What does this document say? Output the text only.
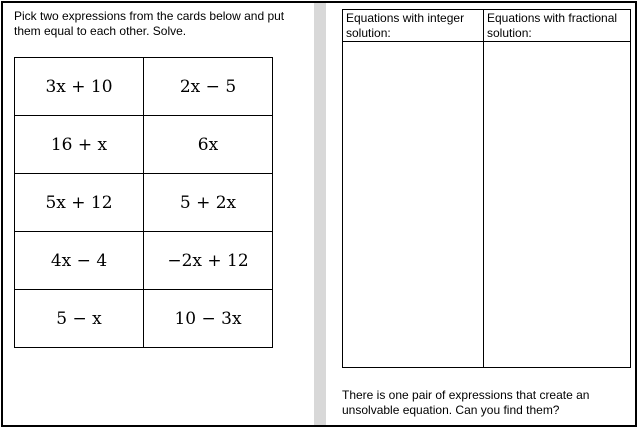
Pick two expressions from the cards below and put them equal to each other. Solve.
3x + 10	2x − 5
16 + x	6x
5x + 12	5 + 2x
4x − 4	−2x + 12
5 − x	10 − 3x
Equations with integer solution:	Equations with fractional solution:

There is one pair of expressions that create an unsolvable equation. Can you find them?
